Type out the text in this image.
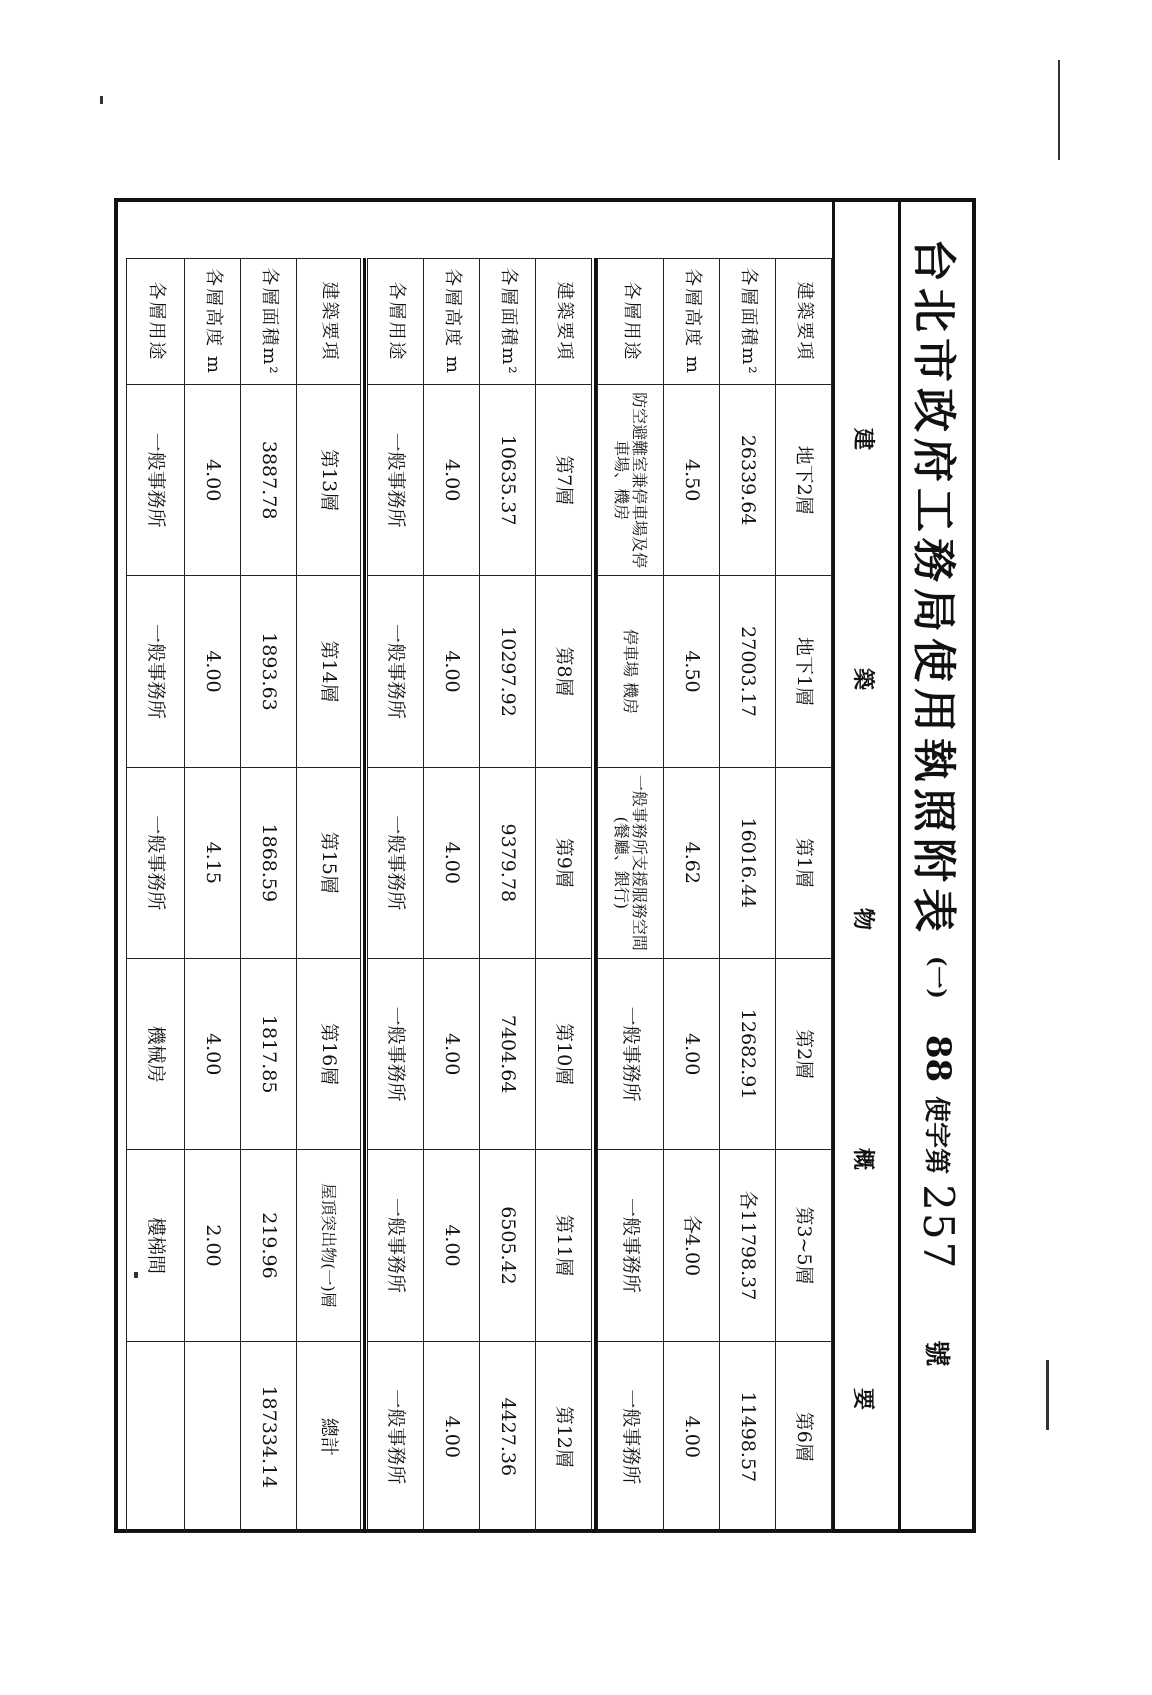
台北市政府工務局使用執照附表
(一)
88
使字第
257
號
建
築
物
概
要
建築要項	地下2層	地下1層	第1層	第2層	第3~5層	第6層
各層面積m²	26339.64	27003.17	16016.44	12682.91	各11798.37	11498.57
各層高度 m	4.50	4.50	4.62	4.00	各4.00	4.00
各層用途	防空避難室兼停車場及停車場、機房	停車場 機房	一般事務所支援服務空間(餐廳、銀行)	一般事務所	一般事務所	一般事務所
建築要項	第7層	第8層	第9層	第10層	第11層	第12層
各層面積m²	10635.37	10297.92	9379.78	7404.64	6505.42	4427.36
各層高度 m	4.00	4.00	4.00	4.00	4.00	4.00
各層用途	一般事務所	一般事務所	一般事務所	一般事務所	一般事務所	一般事務所
建築要項	第13層	第14層	第15層	第16層	屋頂突出物(一)層	總計
各層面積m²	3887.78	1893.63	1868.59	1817.85	219.96	187334.14
各層高度 m	4.00	4.00	4.15	4.00	2.00	
各層用途	一般事務所	一般事務所	一般事務所	機械房	樓梯間	
